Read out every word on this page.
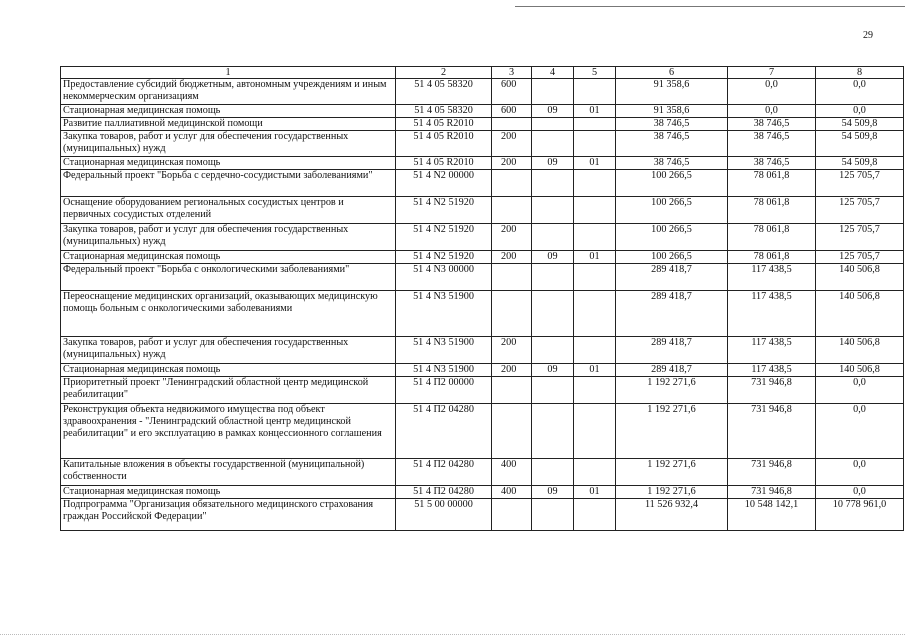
29
1	2	3	4	5	6	7	8
Предоставление субсидий бюджетным, автономным учреждениям и иным некоммерческим организациям	51 4 05 58320	600			91 358,6	0,0	0,0
Стационарная медицинская помощь	51 4 05 58320	600	09	01	91 358,6	0,0	0,0
Развитие паллиативной медицинской помощи	51 4 05 R2010				38 746,5	38 746,5	54 509,8
Закупка товаров, работ и услуг для обеспечения государственных (муниципальных) нужд	51 4 05 R2010	200			38 746,5	38 746,5	54 509,8
Стационарная медицинская помощь	51 4 05 R2010	200	09	01	38 746,5	38 746,5	54 509,8
Федеральный проект "Борьба с сердечно-сосудистыми заболеваниями"	51 4 N2 00000				100 266,5	78 061,8	125 705,7
Оснащение оборудованием региональных сосудистых центров и первичных сосудистых отделений	51 4 N2 51920				100 266,5	78 061,8	125 705,7
Закупка товаров, работ и услуг для обеспечения государственных (муниципальных) нужд	51 4 N2 51920	200			100 266,5	78 061,8	125 705,7
Стационарная медицинская помощь	51 4 N2 51920	200	09	01	100 266,5	78 061,8	125 705,7
Федеральный проект "Борьба с онкологическими заболеваниями"	51 4 N3 00000				289 418,7	117 438,5	140 506,8
Переоснащение медицинских организаций, оказывающих медицинскую помощь больным с онкологическими заболеваниями	51 4 N3 51900				289 418,7	117 438,5	140 506,8
Закупка товаров, работ и услуг для обеспечения государственных (муниципальных) нужд	51 4 N3 51900	200			289 418,7	117 438,5	140 506,8
Стационарная медицинская помощь	51 4 N3 51900	200	09	01	289 418,7	117 438,5	140 506,8
Приоритетный проект "Ленинградский областной центр медицинской реабилитации"	51 4 П2 00000				1 192 271,6	731 946,8	0,0
Реконструкция объекта недвижимого имущества под объект здравоохранения - "Ленинградский областной центр медицинской реабилитации" и его эксплуатацию в рамках концессионного соглашения	51 4 П2 04280				1 192 271,6	731 946,8	0,0
Капитальные вложения в объекты государственной (муниципальной) собственности	51 4 П2 04280	400			1 192 271,6	731 946,8	0,0
Стационарная медицинская помощь	51 4 П2 04280	400	09	01	1 192 271,6	731 946,8	0,0
Подпрограмма "Организация обязательного медицинского страхования граждан Российской Федерации"	51 5 00 00000				11 526 932,4	10 548 142,1	10 778 961,0
